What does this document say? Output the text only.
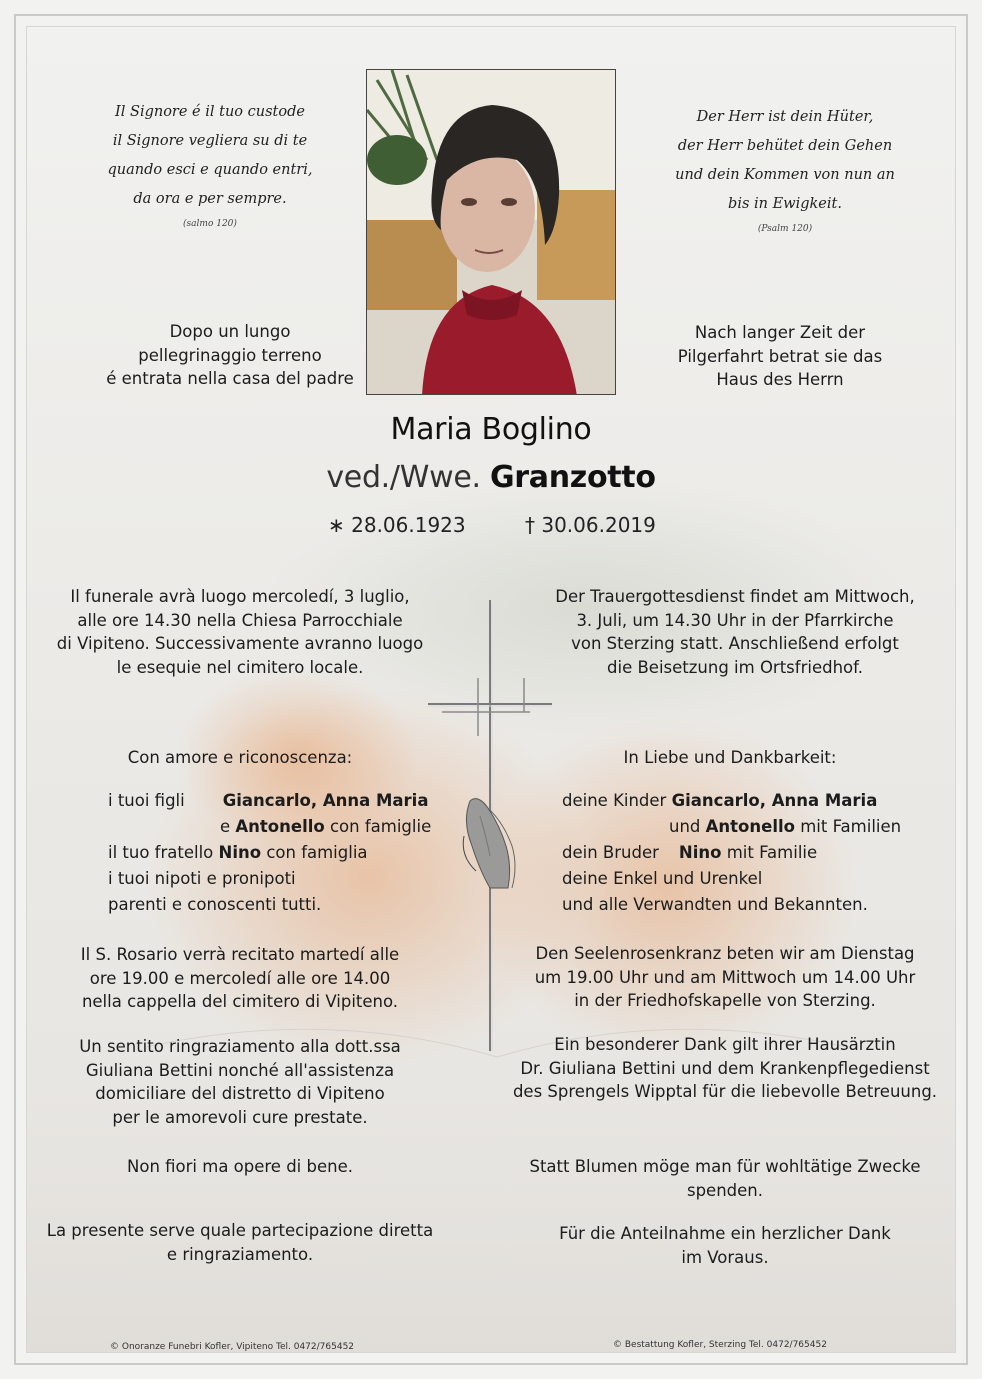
Il Signore é il tuo custode
il Signore vegliera su di te
quando esci e quando entri,
da ora e per sempre.
(salmo 120)
Der Herr ist dein Hüter,
der Herr behütet dein Gehen
und dein Kommen von nun an
bis in Ewigkeit.
(Psalm 120)
Dopo un lungo
pellegrinaggio terreno
é entrata nella casa del padre
Nach langer Zeit der
Pilgerfahrt betrat sie das
Haus des Herrn
Maria Boglino
ved./Wwe. Granzotto
∗ 28.06.1923	† 30.06.2019
Il funerale avrà luogo mercoledí, 3 luglio,
alle ore 14.30 nella Chiesa Parrocchiale
di Vipiteno. Successivamente avranno luogo
le esequie nel cimitero locale.
Der Trauergottesdienst findet am Mittwoch,
3. Juli, um 14.30 Uhr in der Pfarrkirche
von Sterzing statt. Anschließend erfolgt
die Beisetzung im Ortsfriedhof.
Con amore e riconoscenza:	In Liebe und Dankbarkeit:
i tuoi figli Giancarlo, Anna Maria
e Antonello con famiglie
il tuo fratello Nino con famiglia
i tuoi nipoti e pronipoti
parenti e conoscenti tutti.
deine Kinder Giancarlo, Anna Maria
und Antonello mit Familien
dein Bruder Nino mit Familie
deine Enkel und Urenkel
und alle Verwandten und Bekannten.
Il S. Rosario verrà recitato martedí alle
ore 19.00 e mercoledí alle ore 14.00
nella cappella del cimitero di Vipiteno.
Den Seelenrosenkranz beten wir am Dienstag
um 19.00 Uhr und am Mittwoch um 14.00 Uhr
in der Friedhofskapelle von Sterzing.
Un sentito ringraziamento alla dott.ssa
Giuliana Bettini nonché all'assistenza
domiciliare del distretto di Vipiteno
per le amorevoli cure prestate.
Ein besonderer Dank gilt ihrer Hausärztin
Dr. Giuliana Bettini und dem Krankenpflegedienst
des Sprengels Wipptal für die liebevolle Betreuung.
Non fiori ma opere di bene.	Statt Blumen möge man für wohltätige Zwecke
spenden.
La presente serve quale partecipazione diretta
e ringraziamento.
Für die Anteilnahme ein herzlicher Dank
im Voraus.
© Onoranze Funebri Kofler, Vipiteno Tel. 0472/765452	© Bestattung Kofler, Sterzing Tel. 0472/765452
